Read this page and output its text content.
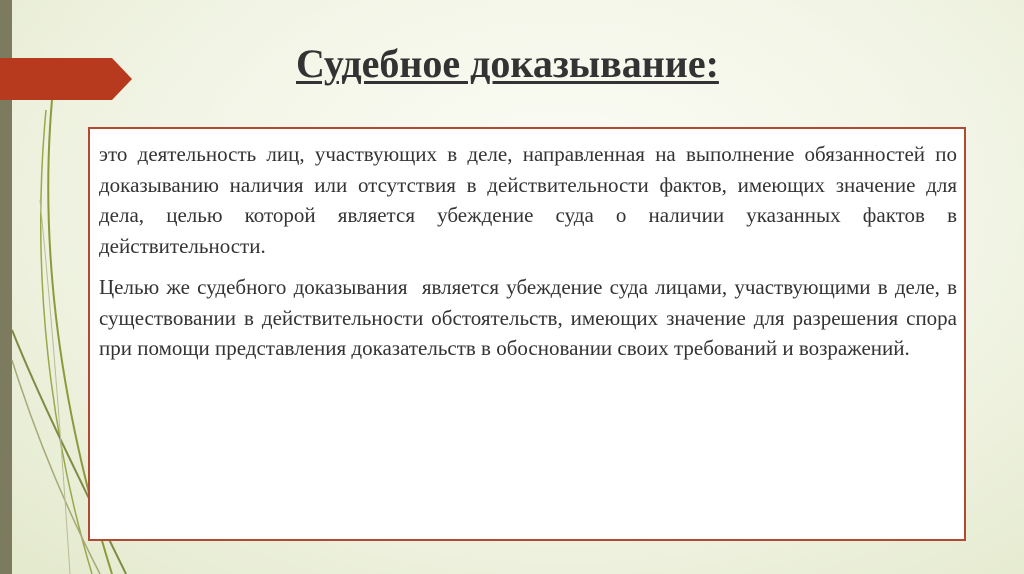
Судебное доказывание:

это деятельность лиц, участвующих в деле, направленная на выполнение обязанностей по доказыванию наличия или отсутствия в действительности фактов, имеющих значение для дела, целью которой является убеждение суда о наличии указанных фактов в действительности.

Целью же судебного доказывания  является убеждение суда лицами, участвующими в деле, в существовании в действительности обстоятельств, имеющих значение для разрешения спора при помощи представления доказательств в обосновании своих требований и возражений.
